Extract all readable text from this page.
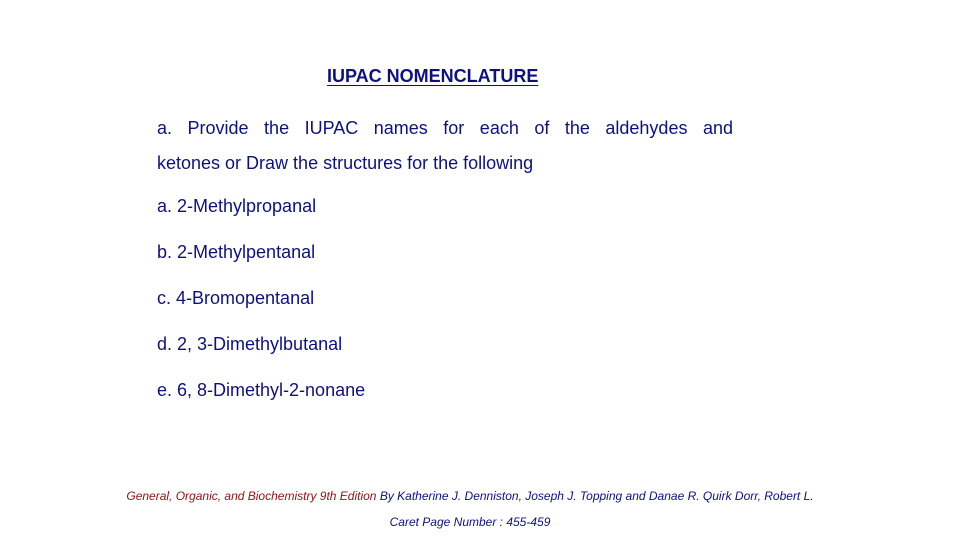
IUPAC NOMENCLATURE
a. Provide the IUPAC names for each of the aldehydes and
ketones or Draw the structures for the following
a. 2-Methylpropanal
b. 2-Methylpentanal
c. 4-Bromopentanal
d. 2, 3-Dimethylbutanal
e. 6, 8-Dimethyl-2-nonane
General, Organic, and Biochemistry 9th Edition By Katherine J. Denniston, Joseph J. Topping and Danae R. Quirk Dorr, Robert L.
Caret Page Number : 455-459
